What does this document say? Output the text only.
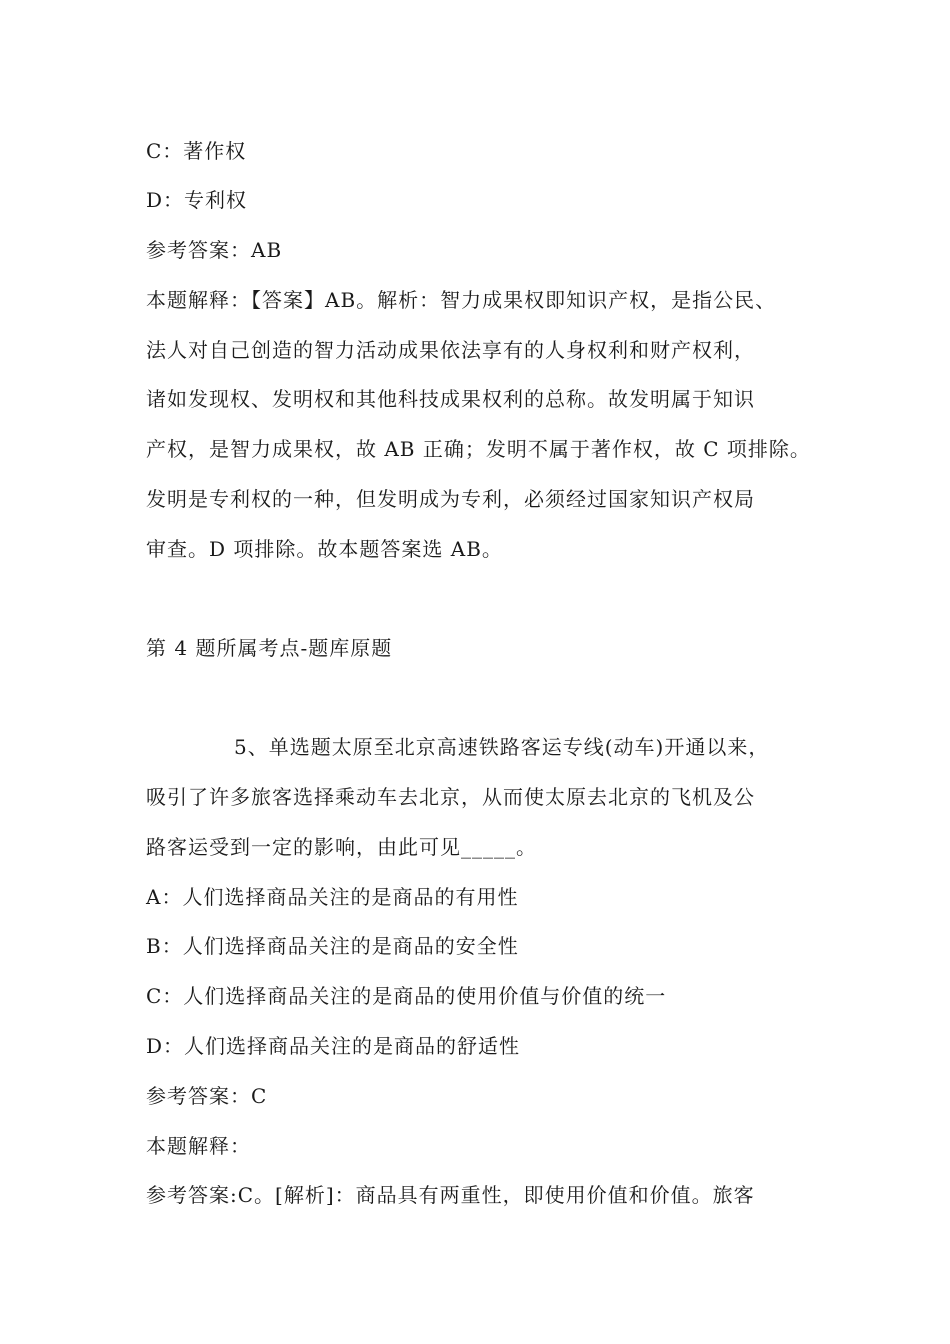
C：著作权
D：专利权
参考答案：AB
本题解释：【答案】AB。解析：智力成果权即知识产权，是指公民、
法人对自己创造的智力活动成果依法享有的人身权利和财产权利，
诸如发现权、发明权和其他科技成果权利的总称。故发明属于知识
产权，是智力成果权，故 AB 正确；发明不属于著作权，故 C 项排除。
发明是专利权的一种，但发明成为专利，必须经过国家知识产权局
审查。D 项排除。故本题答案选 AB。
第 4 题所属考点-题库原题
5、单选题太原至北京高速铁路客运专线(动车)开通以来，
吸引了许多旅客选择乘动车去北京，从而使太原去北京的飞机及公
路客运受到一定的影响，由此可见_____。
A：人们选择商品关注的是商品的有用性
B：人们选择商品关注的是商品的安全性
C：人们选择商品关注的是商品的使用价值与价值的统一
D：人们选择商品关注的是商品的舒适性
参考答案：C
本题解释：
参考答案:C。[解析]：商品具有两重性，即使用价值和价值。旅客
